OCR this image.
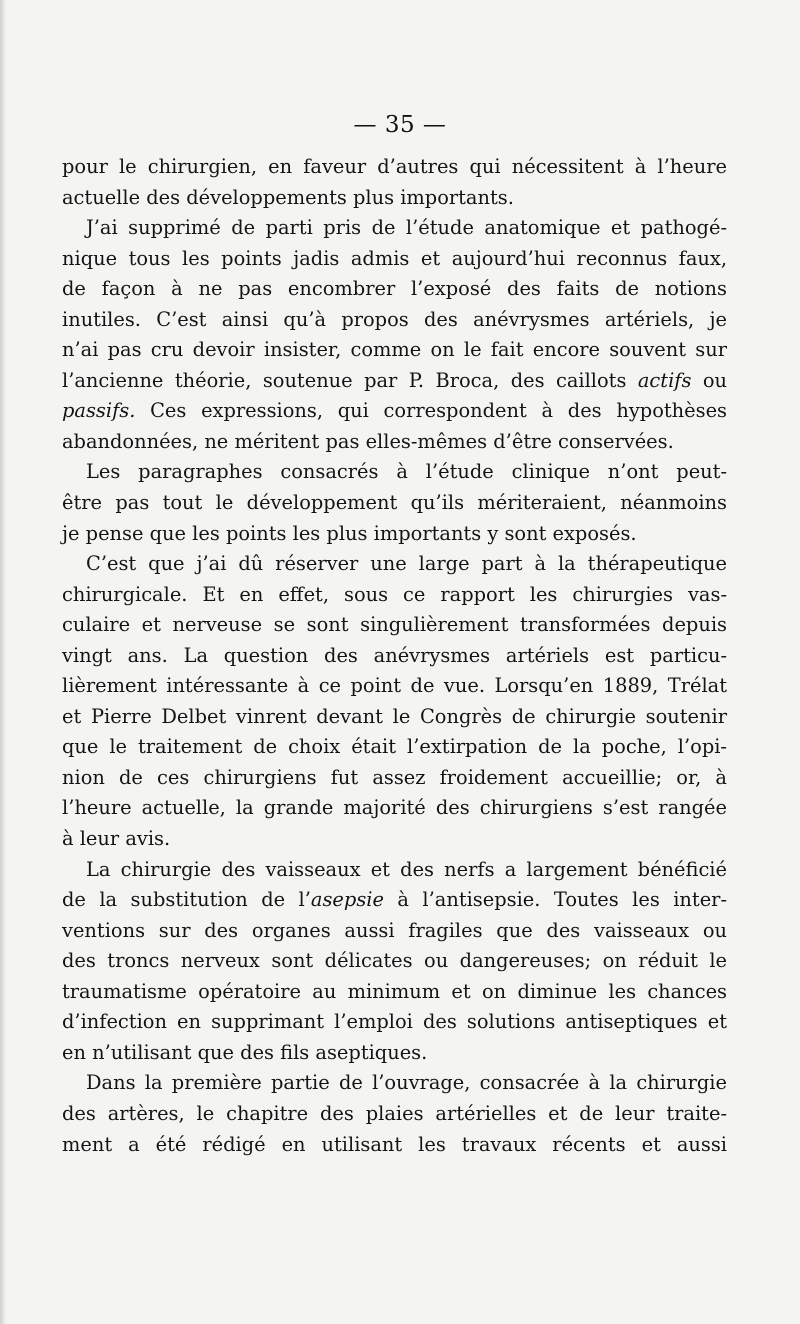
— 35 —
pour le chirurgien, en faveur d’autres qui nécessitent à l’heure
actuelle des développements plus importants.
J’ai supprimé de parti pris de l’étude anatomique et pathogé-
nique tous les points jadis admis et aujourd’hui reconnus faux,
de façon à ne pas encombrer l’exposé des faits de notions
inutiles. C’est ainsi qu’à propos des anévrysmes artériels, je
n’ai pas cru devoir insister, comme on le fait encore souvent sur
l’ancienne théorie, soutenue par P. Broca, des caillots actifs ou
passifs. Ces expressions, qui correspondent à des hypothèses
abandonnées, ne méritent pas elles-mêmes d’être conservées.
Les paragraphes consacrés à l’étude clinique n’ont peut-
être pas tout le développement qu’ils mériteraient, néanmoins
je pense que les points les plus importants y sont exposés.
C’est que j’ai dû réserver une large part à la thérapeutique
chirurgicale. Et en effet, sous ce rapport les chirurgies vas-
culaire et nerveuse se sont singulièrement transformées depuis
vingt ans. La question des anévrysmes artériels est particu-
lièrement intéressante à ce point de vue. Lorsqu’en 1889, Trélat
et Pierre Delbet vinrent devant le Congrès de chirurgie soutenir
que le traitement de choix était l’extirpation de la poche, l’opi-
nion de ces chirurgiens fut assez froidement accueillie; or, à
l’heure actuelle, la grande majorité des chirurgiens s’est rangée
à leur avis.
La chirurgie des vaisseaux et des nerfs a largement bénéficié
de la substitution de l’asepsie à l’antisepsie. Toutes les inter-
ventions sur des organes aussi fragiles que des vaisseaux ou
des troncs nerveux sont délicates ou dangereuses; on réduit le
traumatisme opératoire au minimum et on diminue les chances
d’infection en supprimant l’emploi des solutions antiseptiques et
en n’utilisant que des fils aseptiques.
Dans la première partie de l’ouvrage, consacrée à la chirurgie
des artères, le chapitre des plaies artérielles et de leur traite-
ment a été rédigé en utilisant les travaux récents et aussi
